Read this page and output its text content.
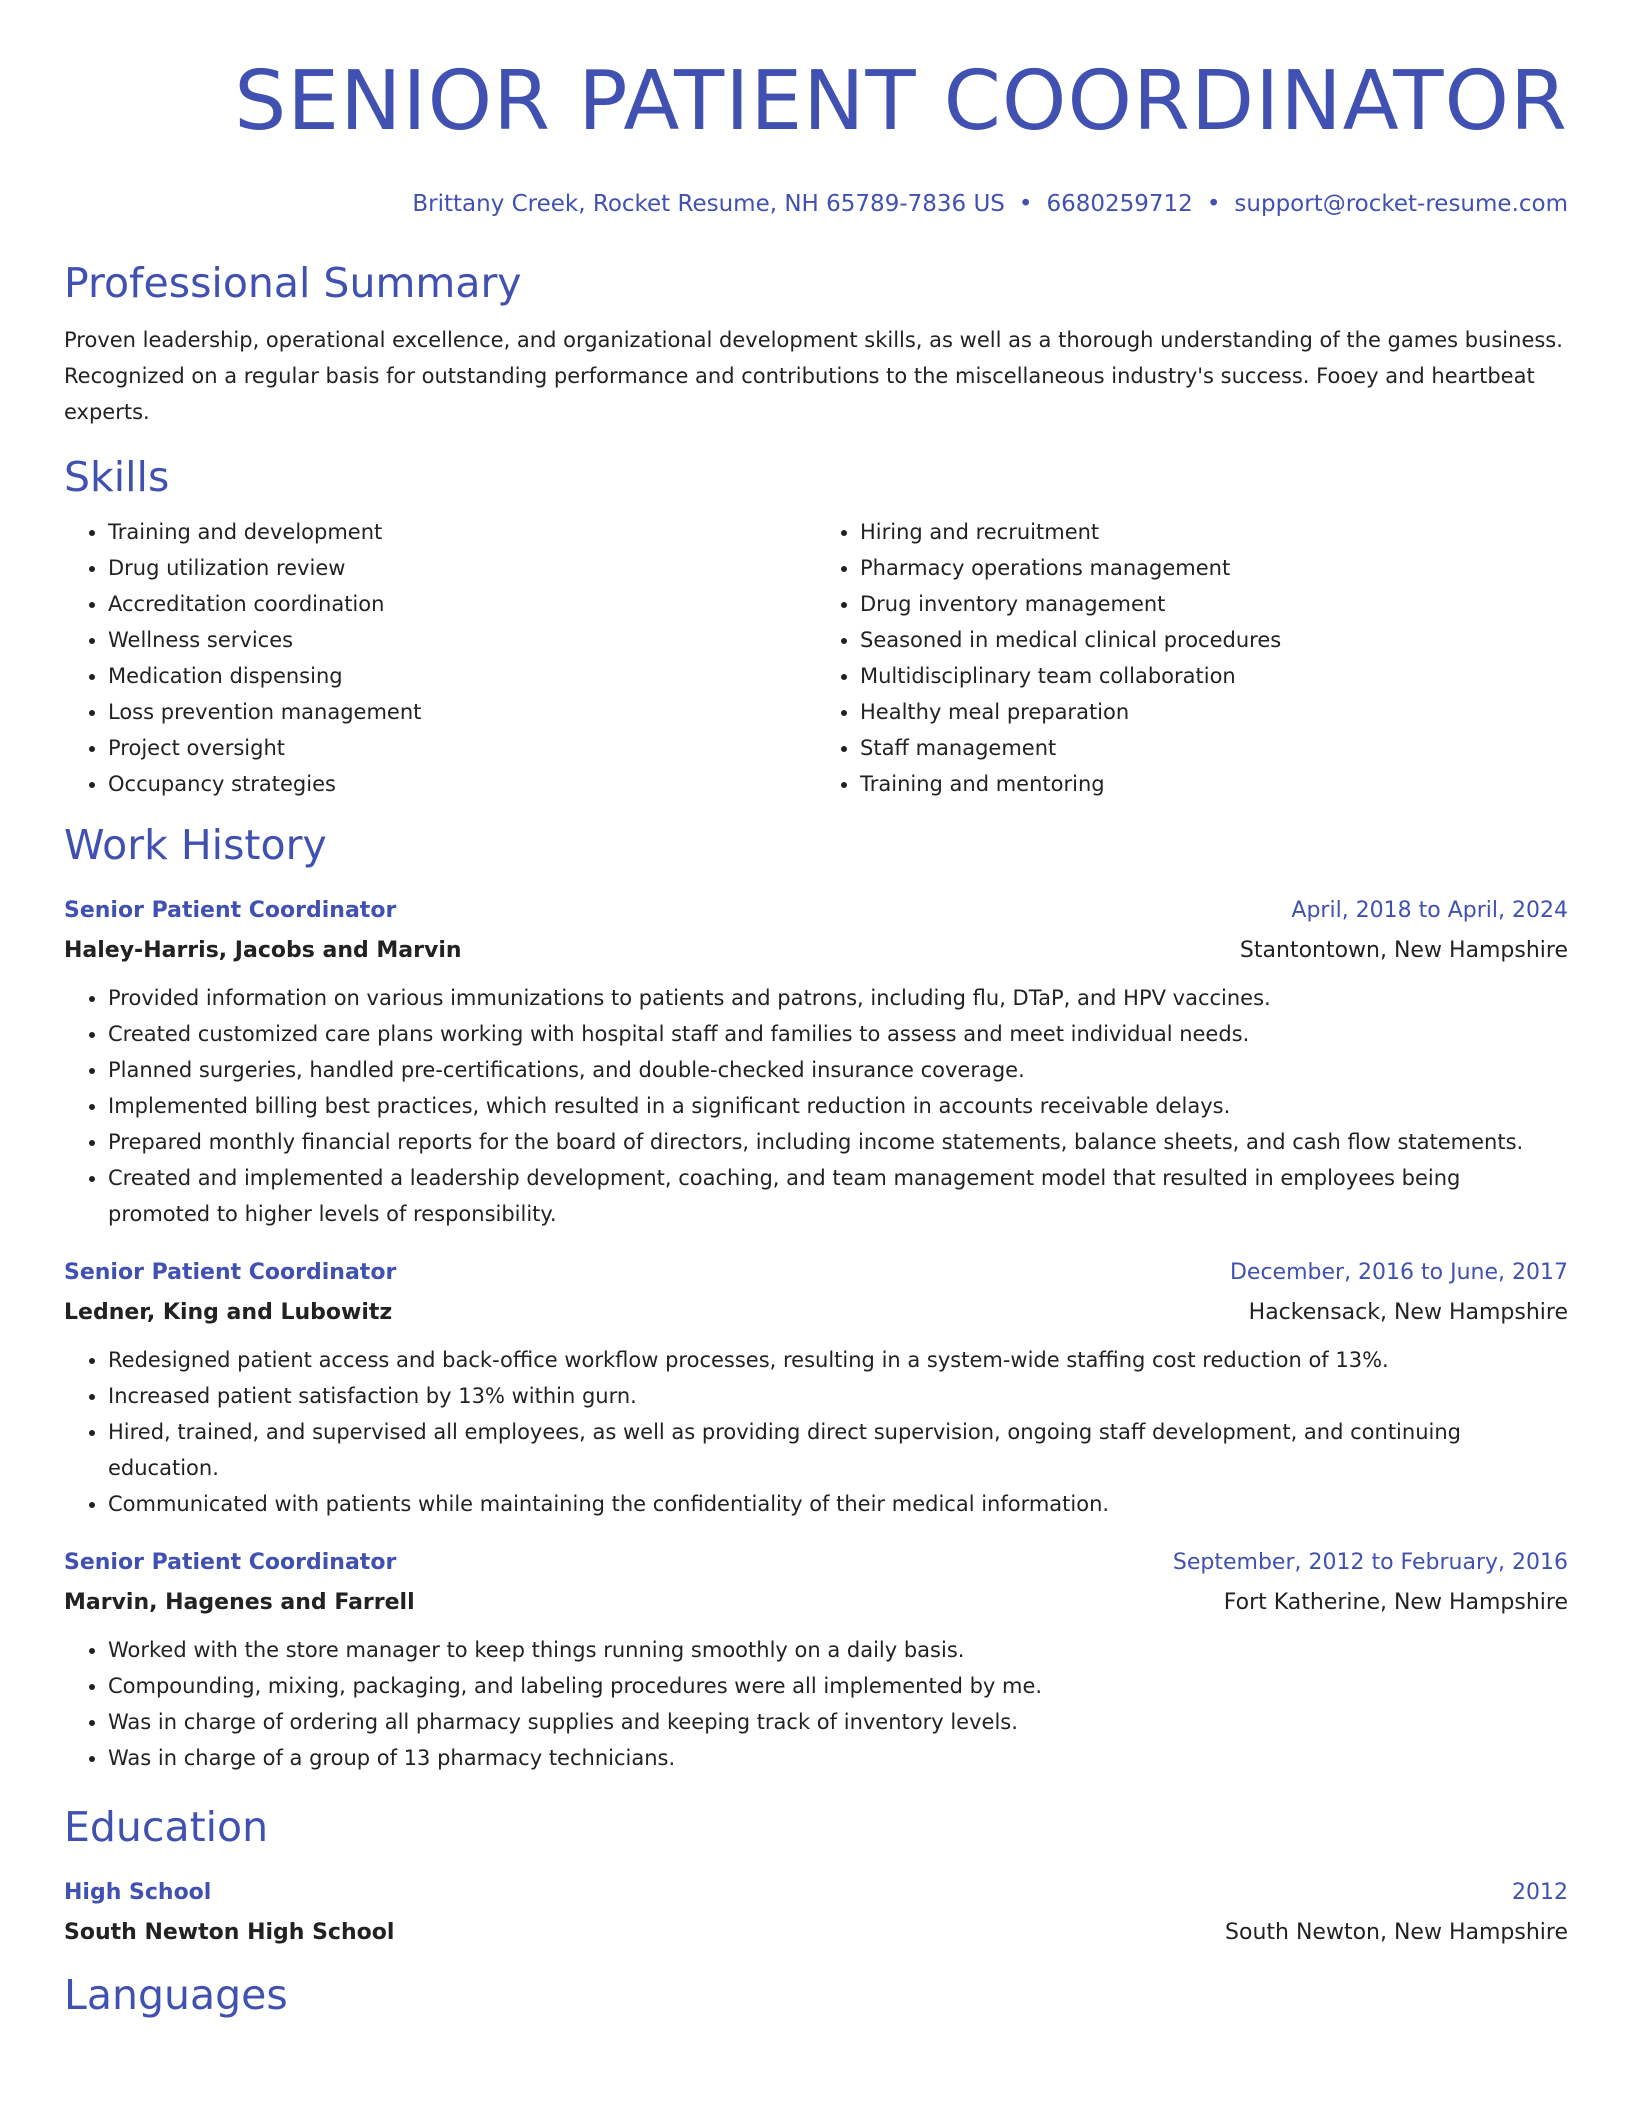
SENIOR PATIENT COORDINATOR
Brittany Creek, Rocket Resume, NH 65789-7836 US • 6680259712 • support@rocket-resume.com
Professional Summary
Proven leadership, operational excellence, and organizational development skills, as well as a thorough understanding of the games business. Recognized on a regular basis for outstanding performance and contributions to the miscellaneous industry's success. Fooey and heartbeat experts.
Skills
• Training and development
• Drug utilization review
• Accreditation coordination
• Wellness services
• Medication dispensing
• Loss prevention management
• Project oversight
• Occupancy strategies
• Hiring and recruitment
• Pharmacy operations management
• Drug inventory management
• Seasoned in medical clinical procedures
• Multidisciplinary team collaboration
• Healthy meal preparation
• Staff management
• Training and mentoring
Work History
Senior Patient Coordinator	April, 2018 to April, 2024
Haley-Harris, Jacobs and Marvin	Stantontown, New Hampshire
• Provided information on various immunizations to patients and patrons, including flu, DTaP, and HPV vaccines.
• Created customized care plans working with hospital staff and families to assess and meet individual needs.
• Planned surgeries, handled pre-certifications, and double-checked insurance coverage.
• Implemented billing best practices, which resulted in a significant reduction in accounts receivable delays.
• Prepared monthly financial reports for the board of directors, including income statements, balance sheets, and cash flow statements.
• Created and implemented a leadership development, coaching, and team management model that resulted in employees being promoted to higher levels of responsibility.
Senior Patient Coordinator	December, 2016 to June, 2017
Ledner, King and Lubowitz	Hackensack, New Hampshire
• Redesigned patient access and back-office workflow processes, resulting in a system-wide staffing cost reduction of 13%.
• Increased patient satisfaction by 13% within gurn.
• Hired, trained, and supervised all employees, as well as providing direct supervision, ongoing staff development, and continuing education.
• Communicated with patients while maintaining the confidentiality of their medical information.
Senior Patient Coordinator	September, 2012 to February, 2016
Marvin, Hagenes and Farrell	Fort Katherine, New Hampshire
• Worked with the store manager to keep things running smoothly on a daily basis.
• Compounding, mixing, packaging, and labeling procedures were all implemented by me.
• Was in charge of ordering all pharmacy supplies and keeping track of inventory levels.
• Was in charge of a group of 13 pharmacy technicians.
Education
High School	2012
South Newton High School	South Newton, New Hampshire
Languages
